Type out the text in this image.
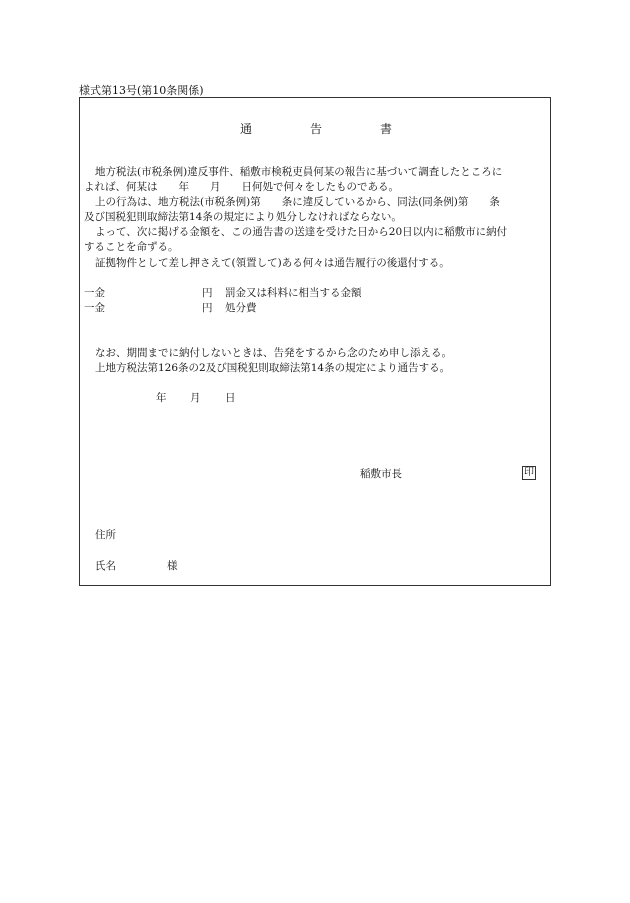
様式第13号(第10条関係)
通	告	書
地方税法(市税条例)違反事件、稲敷市検税吏員何某の報告に基づいて調査したところに
よれば、何某は　　年　　月　　日何処で何々をしたものである。
上の行為は、地方税法(市税条例)第　　条に違反しているから、同法(同条例)第　　条
及び国税犯則取締法第14条の規定により処分しなければならない。
よって、次に掲げる金額を、この通告書の送達を受けた日から20日以内に稲敷市に納付
することを命ずる。
証拠物件として差し押さえて(領置して)ある何々は通告履行の後還付する。
一金	円 罰金又は科料に相当する金額
一金	円 処分費
なお、期間までに納付しないときは、告発をするから念のため申し添える。
上地方税法第126条の2及び国税犯則取締法第14条の規定により通告する。
年 月 日
稲敷市長	印
住所
氏名	様
